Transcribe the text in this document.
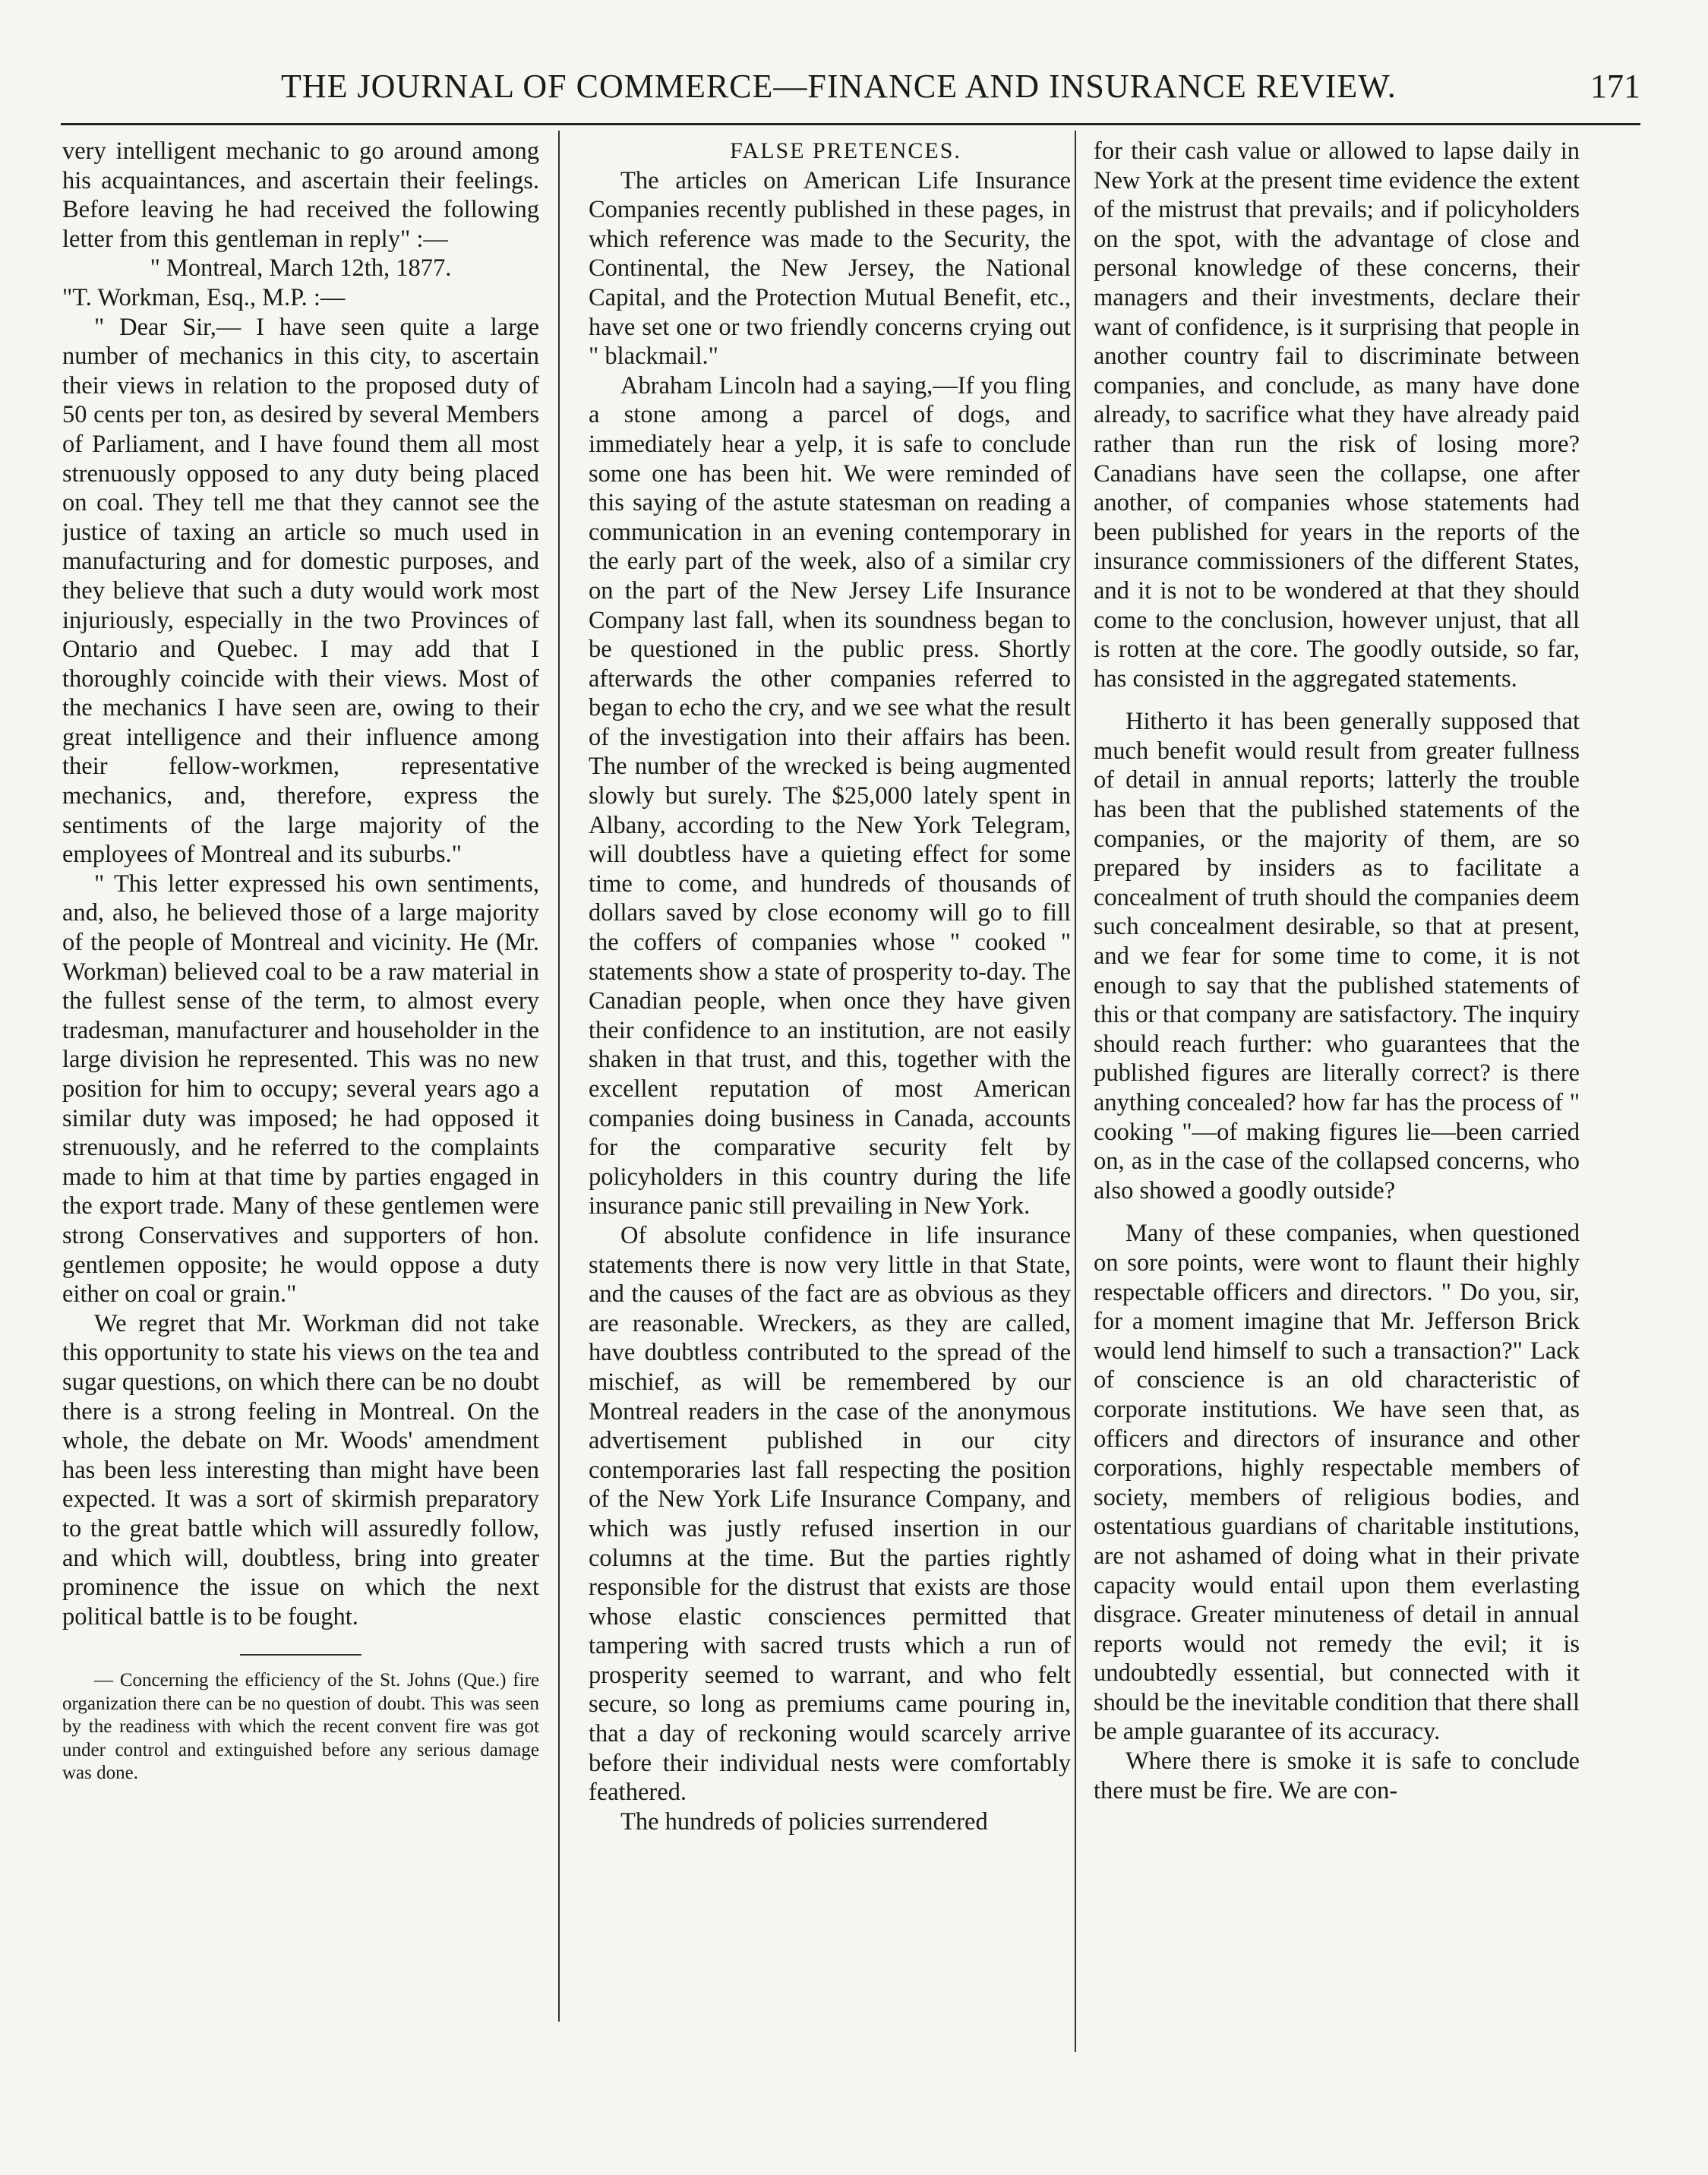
THE JOURNAL OF COMMERCE—FINANCE AND INSURANCE REVIEW.	171

very intelligent mechanic to go around among his acquaintances, and ascertain their feelings. Before leaving he had received the following letter from this gentleman in reply" :—

" Montreal, March 12th, 1877.

"T. Workman, Esq., M.P. :—

" Dear Sir,— I have seen quite a large number of mechanics in this city, to ascertain their views in relation to the proposed duty of 50 cents per ton, as desired by several Members of Parliament, and I have found them all most strenuously opposed to any duty being placed on coal. They tell me that they cannot see the justice of taxing an article so much used in manufacturing and for domestic purposes, and they believe that such a duty would work most injuriously, especially in the two Provinces of Ontario and Quebec. I may add that I thoroughly coincide with their views. Most of the mechanics I have seen are, owing to their great intelligence and their influence among their fellow-workmen, representative mechanics, and, therefore, express the sentiments of the large majority of the employees of Montreal and its suburbs."

" This letter expressed his own sentiments, and, also, he believed those of a large majority of the people of Montreal and vicinity. He (Mr. Workman) believed coal to be a raw material in the fullest sense of the term, to almost every tradesman, manufacturer and householder in the large division he represented. This was no new position for him to occupy; several years ago a similar duty was imposed; he had opposed it strenuously, and he referred to the complaints made to him at that time by parties engaged in the export trade. Many of these gentlemen were strong Conservatives and supporters of hon. gentlemen opposite; he would oppose a duty either on coal or grain."

We regret that Mr. Workman did not take this opportunity to state his views on the tea and sugar questions, on which there can be no doubt there is a strong feeling in Montreal. On the whole, the debate on Mr. Woods' amendment has been less interesting than might have been expected. It was a sort of skirmish preparatory to the great battle which will assuredly follow, and which will, doubtless, bring into greater prominence the issue on which the next political battle is to be fought.

— Concerning the efficiency of the St. Johns (Que.) fire organization there can be no question of doubt. This was seen by the readiness with which the recent convent fire was got under control and extinguished before any serious damage was done.

FALSE PRETENCES.

The articles on American Life Insurance Companies recently published in these pages, in which reference was made to the Security, the Continental, the New Jersey, the National Capital, and the Protection Mutual Benefit, etc., have set one or two friendly concerns crying out " blackmail."

Abraham Lincoln had a saying,—If you fling a stone among a parcel of dogs, and immediately hear a yelp, it is safe to conclude some one has been hit. We were reminded of this saying of the astute statesman on reading a communication in an evening contemporary in the early part of the week, also of a similar cry on the part of the New Jersey Life Insurance Company last fall, when its soundness began to be questioned in the public press. Shortly afterwards the other companies referred to began to echo the cry, and we see what the result of the investigation into their affairs has been. The number of the wrecked is being augmented slowly but surely. The $25,000 lately spent in Albany, according to the New York Telegram, will doubtless have a quieting effect for some time to come, and hundreds of thousands of dollars saved by close economy will go to fill the coffers of companies whose " cooked " statements show a state of prosperity to-day. The Canadian people, when once they have given their confidence to an institution, are not easily shaken in that trust, and this, together with the excellent reputation of most American companies doing business in Canada, accounts for the comparative security felt by policyholders in this country during the life insurance panic still prevailing in New York.

Of absolute confidence in life insurance statements there is now very little in that State, and the causes of the fact are as obvious as they are reasonable. Wreckers, as they are called, have doubtless contributed to the spread of the mischief, as will be remembered by our Montreal readers in the case of the anonymous advertisement published in our city contemporaries last fall respecting the position of the New York Life Insurance Company, and which was justly refused insertion in our columns at the time. But the parties rightly responsible for the distrust that exists are those whose elastic consciences permitted that tampering with sacred trusts which a run of prosperity seemed to warrant, and who felt secure, so long as premiums came pouring in, that a day of reckoning would scarcely arrive before their individual nests were comfortably feathered.

The hundreds of policies surrendered

for their cash value or allowed to lapse daily in New York at the present time evidence the extent of the mistrust that prevails; and if policyholders on the spot, with the advantage of close and personal knowledge of these concerns, their managers and their investments, declare their want of confidence, is it surprising that people in another country fail to discriminate between companies, and conclude, as many have done already, to sacrifice what they have already paid rather than run the risk of losing more? Canadians have seen the collapse, one after another, of companies whose statements had been published for years in the reports of the insurance commissioners of the different States, and it is not to be wondered at that they should come to the conclusion, however unjust, that all is rotten at the core. The goodly outside, so far, has consisted in the aggregated statements.

Hitherto it has been generally supposed that much benefit would result from greater fullness of detail in annual reports; latterly the trouble has been that the published statements of the companies, or the majority of them, are so prepared by insiders as to facilitate a concealment of truth should the companies deem such concealment desirable, so that at present, and we fear for some time to come, it is not enough to say that the published statements of this or that company are satisfactory. The inquiry should reach further: who guarantees that the published figures are literally correct? is there anything concealed? how far has the process of " cooking "—of making figures lie—been carried on, as in the case of the collapsed concerns, who also showed a goodly outside?

Many of these companies, when questioned on sore points, were wont to flaunt their highly respectable officers and directors. " Do you, sir, for a moment imagine that Mr. Jefferson Brick would lend himself to such a transaction?" Lack of conscience is an old characteristic of corporate institutions. We have seen that, as officers and directors of insurance and other corporations, highly respectable members of society, members of religious bodies, and ostentatious guardians of charitable institutions, are not ashamed of doing what in their private capacity would entail upon them everlasting disgrace. Greater minuteness of detail in annual reports would not remedy the evil; it is undoubtedly essential, but connected with it should be the inevitable condition that there shall be ample guarantee of its accuracy.

Where there is smoke it is safe to conclude there must be fire. We are con-
